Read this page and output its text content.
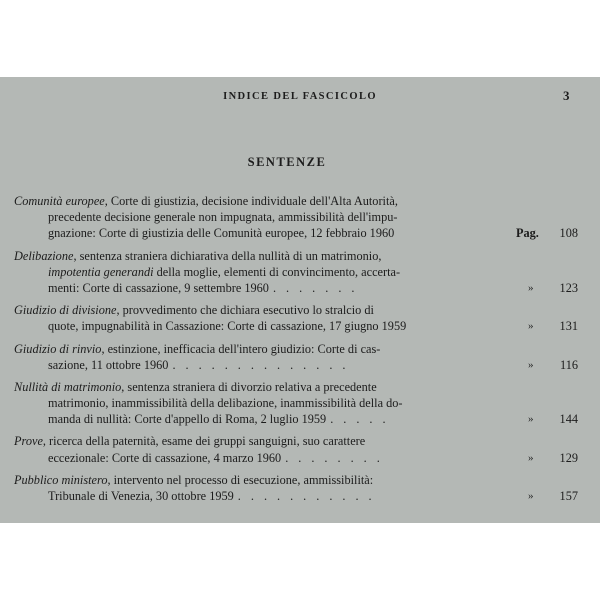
INDICE DEL FASCICOLO	3
SENTENZE
Comunità europee, Corte di giustizia, decisione individuale dell'Alta Autorità,
precedente decisione generale non impugnata, ammissibilità dell'impu-
gnazione: Corte di giustizia delle Comunità europee, 12 febbraio 1960	Pag.	108
Delibazione, sentenza straniera dichiarativa della nullità di un matrimonio,
impotentia generandi della moglie, elementi di convincimento, accerta-
menti: Corte di cassazione, 9 settembre 1960 .......	»	123
Giudizio di divisione, provvedimento che dichiara esecutivo lo stralcio di
quote, impugnabilità in Cassazione: Corte di cassazione, 17 giugno 1959	»	131
Giudizio di rinvio, estinzione, inefficacia dell'intero giudizio: Corte di cas-
sazione, 11 ottobre 1960 ..............	»	116
Nullità di matrimonio, sentenza straniera di divorzio relativa a precedente
matrimonio, inammissibilità della delibazione, inammissibilità della do-
manda di nullità: Corte d'appello di Roma, 2 luglio 1959 .....	»	144
Prove, ricerca della paternità, esame dei gruppi sanguigni, suo carattere
eccezionale: Corte di cassazione, 4 marzo 1960 ........	»	129
Pubblico ministero, intervento nel processo di esecuzione, ammissibilità:
Tribunale di Venezia, 30 ottobre 1959 ...........	»	157
